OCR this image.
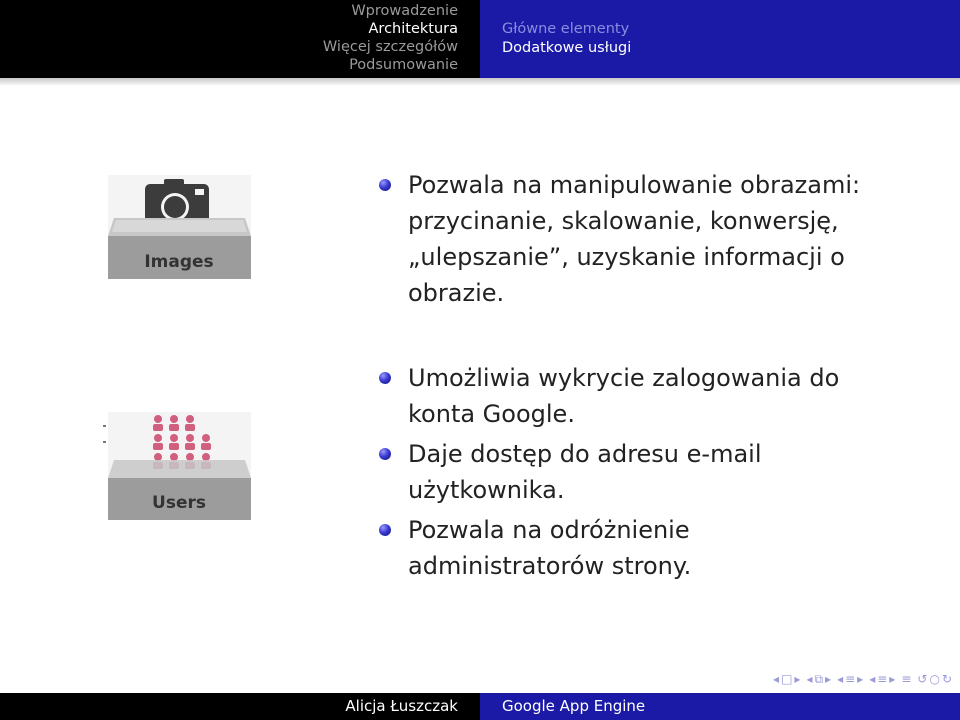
Wprowadzenie
Architektura
Więcej szczegółów
Podsumowanie
Główne elementy
Dodatkowe usługi
Images
Users
Pozwala na manipulowanie obrazami: przycinanie, skalowanie, konwersję, „ulepszanie”, uzyskanie informacji o obrazie.
Umożliwia wykrycie zalogowania do konta Google.
Daje dostęp do adresu e-mail użytkownika.
Pozwala na odróżnienie administratorów strony.
◂ □ ▸ ◂ ⧉ ▸ ◂ ≡ ▸ ◂ ≡ ▸ ≡ ↺ ○ ↻
Alicja Łuszczak	Google App Engine
